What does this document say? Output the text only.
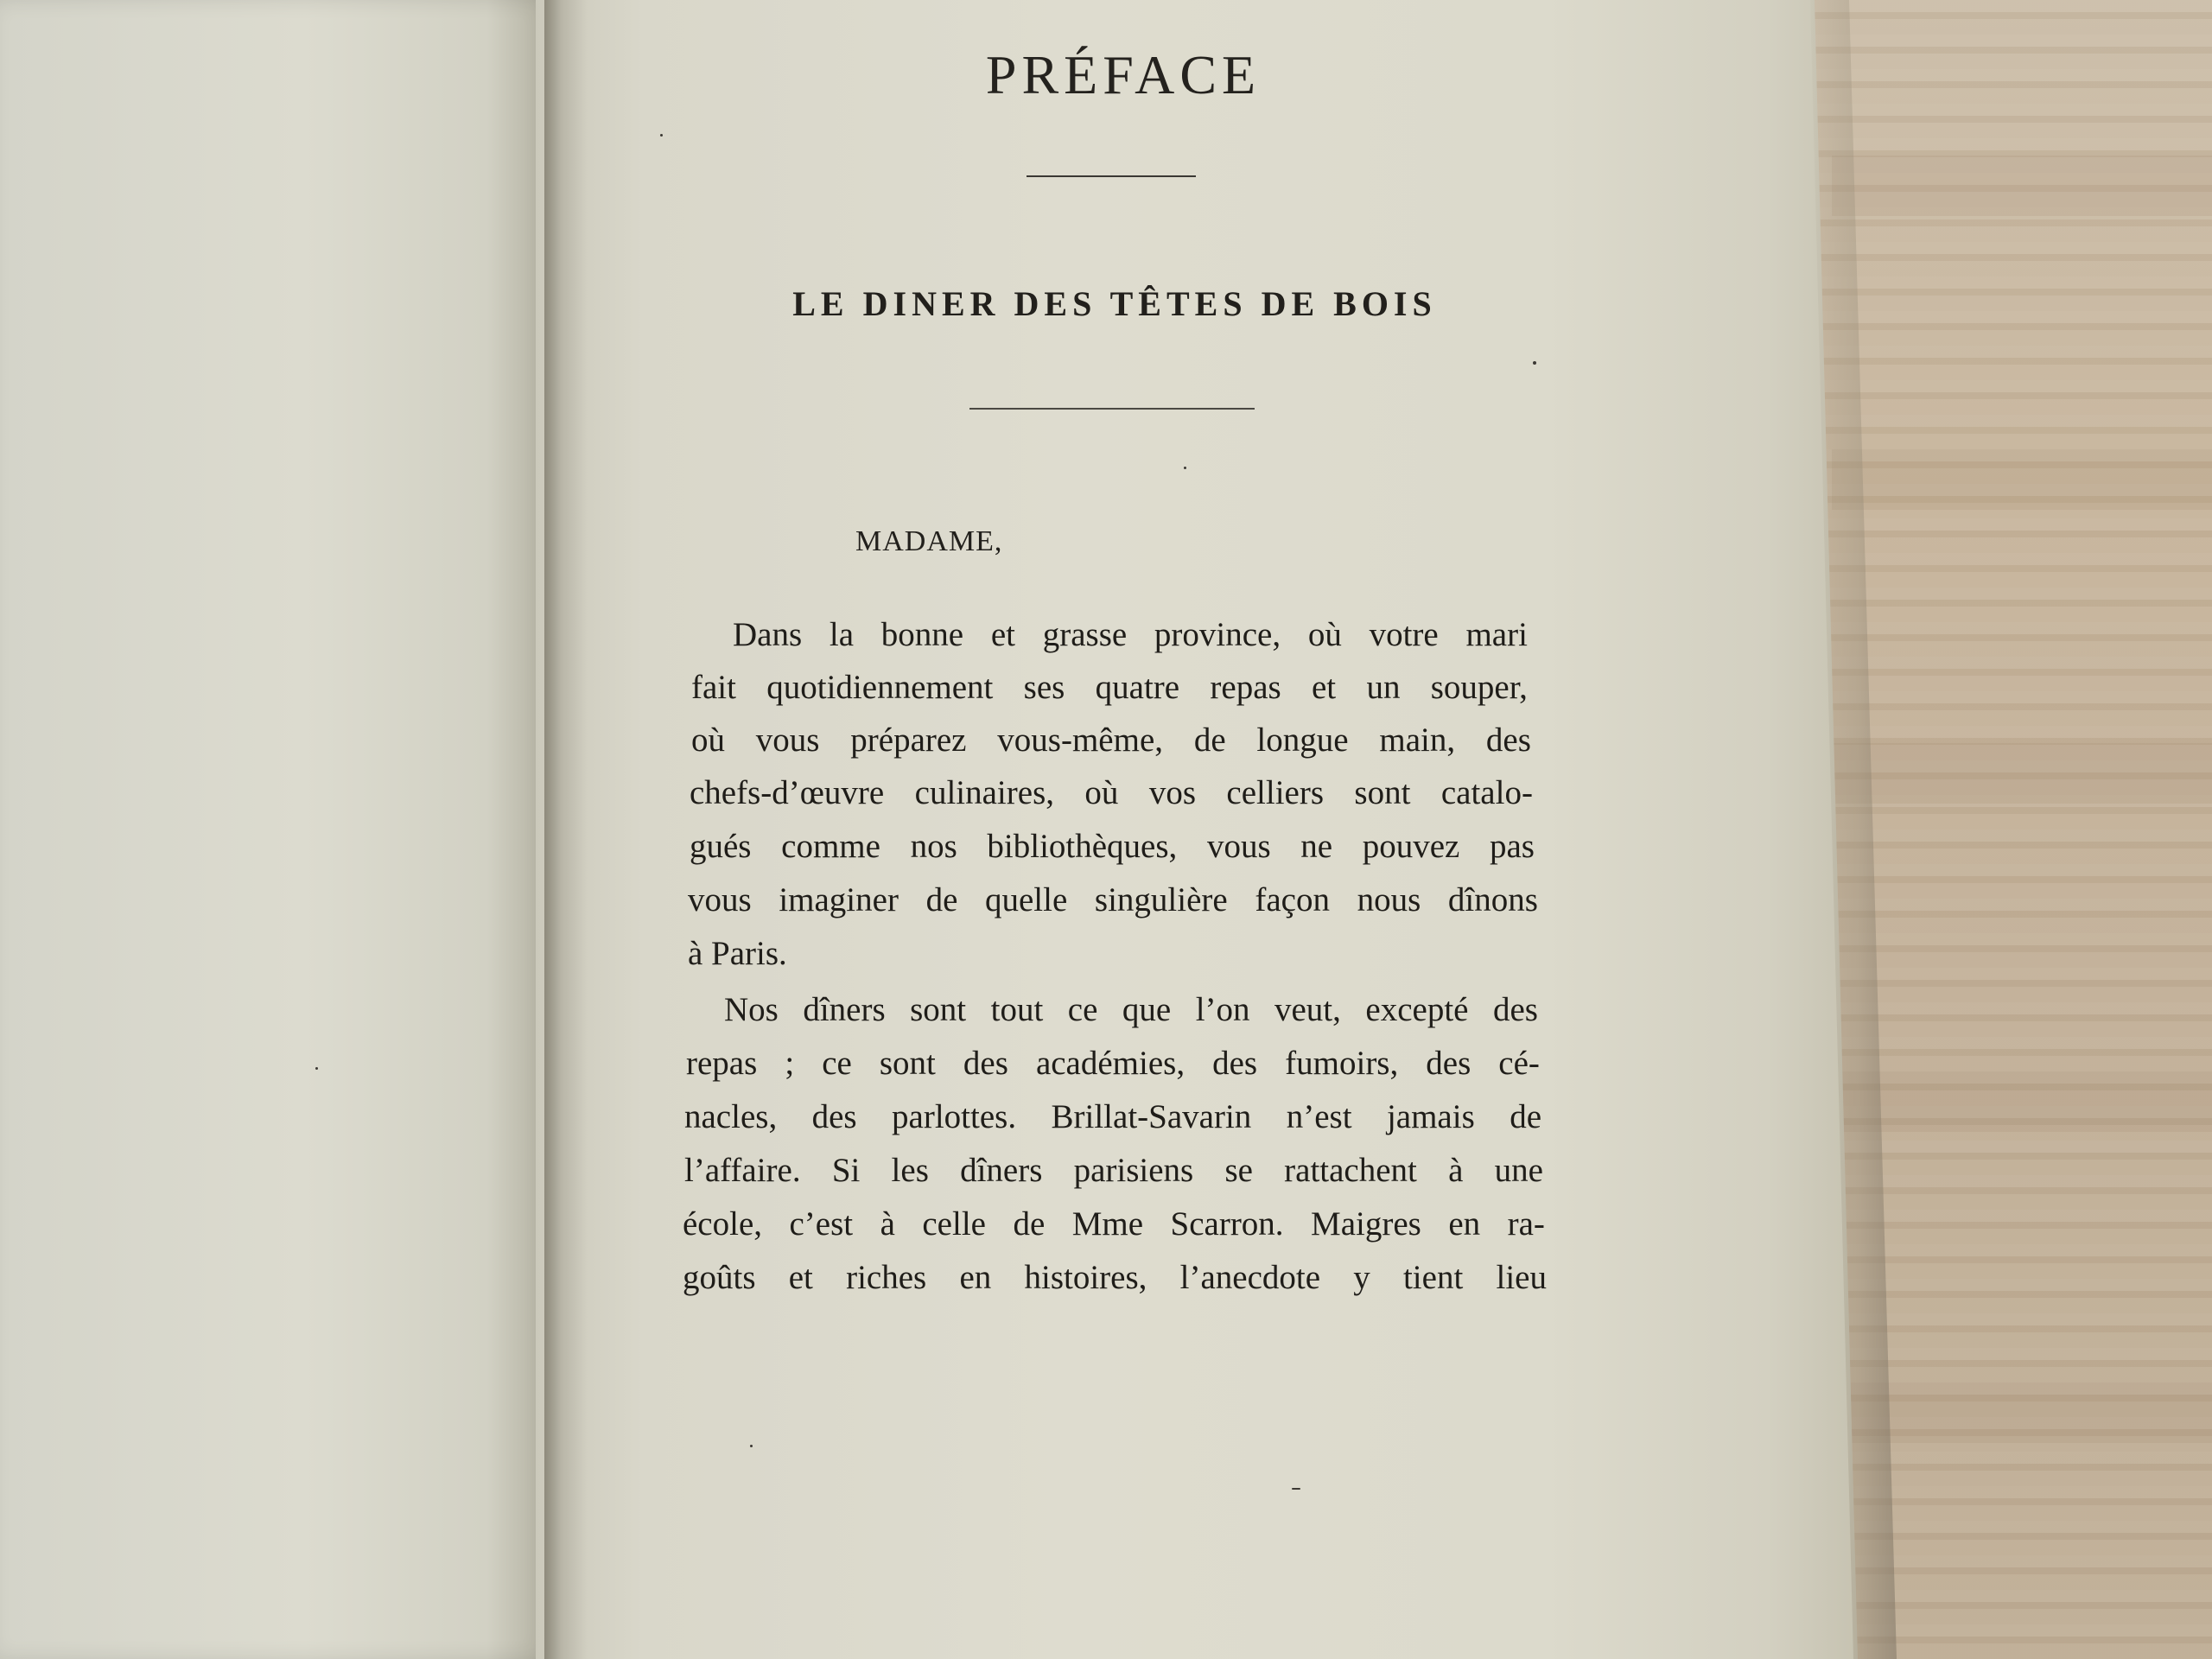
PRÉFACE
LE DINER DES TÊTES DE BOIS
MADAME,
Dans la bonne et grasse province, où votre mari
fait quotidiennement ses quatre repas et un souper,
où vous préparez vous-même, de longue main, des
chefs-d’œuvre culinaires, où vos celliers sont catalo-
gués comme nos bibliothèques, vous ne pouvez pas
vous imaginer de quelle singulière façon nous dînons
à Paris.
Nos dîners sont tout ce que l’on veut, excepté des
repas ; ce sont des académies, des fumoirs, des cé-
nacles, des parlottes. Brillat-Savarin n’est jamais de
l’affaire. Si les dîners parisiens se rattachent à une
école, c’est à celle de Mme Scarron. Maigres en ra-
goûts et riches en histoires, l’anecdote y tient lieu
